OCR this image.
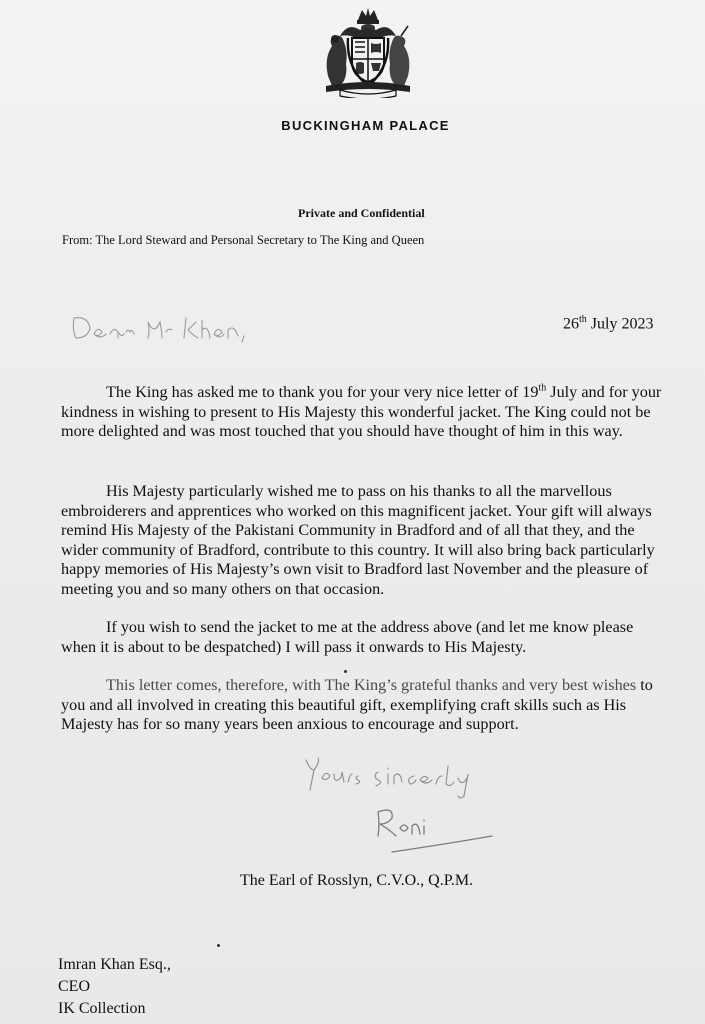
BUCKINGHAM PALACE
Private and Confidential
From: The Lord Steward and Personal Secretary to The King and Queen
26th July 2023

The King has asked me to thank you for your very nice letter of 19th July and for your kindness in wishing to present to His Majesty this wonderful jacket. The King could not be more delighted and was most touched that you should have thought of him in this way.

His Majesty particularly wished me to pass on his thanks to all the marvellous embroiderers and apprentices who worked on this magnificent jacket. Your gift will always remind His Majesty of the Pakistani Community in Bradford and of all that they, and the wider community of Bradford, contribute to this country. It will also bring back particularly happy memories of His Majesty’s own visit to Bradford last November and the pleasure of meeting you and so many others on that occasion.

If you wish to send the jacket to me at the address above (and let me know please when it is about to be despatched) I will pass it onwards to His Majesty.

This letter comes, therefore, with The King’s grateful thanks and very best wishes to you and all involved in creating this beautiful gift, exemplifying craft skills such as His Majesty has for so many years been anxious to encourage and support.

The Earl of Rosslyn, C.V.O., Q.P.M.
Imran Khan Esq.,
CEO
IK Collection
